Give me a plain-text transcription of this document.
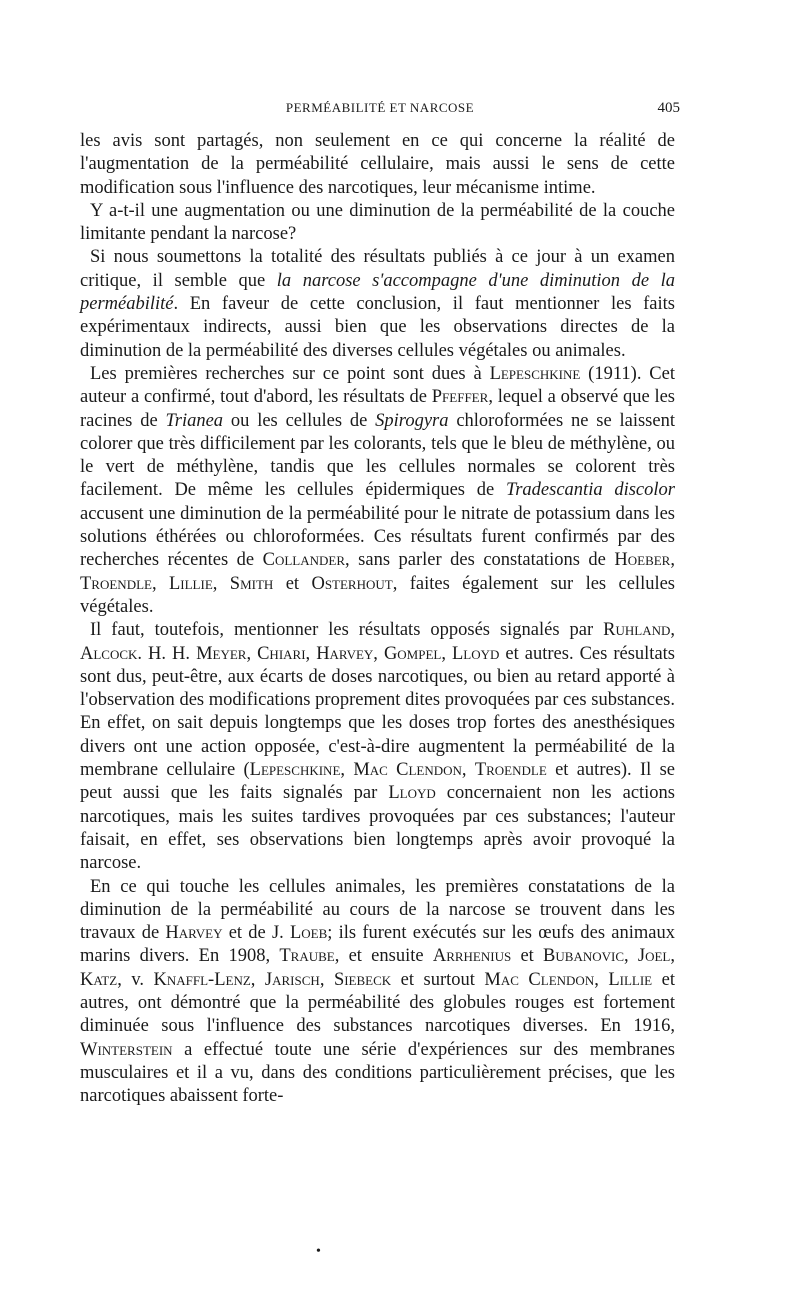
PERMÉABILITÉ ET NARCOSE	405

les avis sont partagés, non seulement en ce qui concerne la réalité de l'augmentation de la perméabilité cellulaire, mais aussi le sens de cette modification sous l'influence des narcotiques, leur mécanisme intime.

Y a-t-il une augmentation ou une diminution de la perméabilité de la couche limitante pendant la narcose?

Si nous soumettons la totalité des résultats publiés à ce jour à un examen critique, il semble que la narcose s'accompagne d'une diminution de la perméabilité. En faveur de cette conclusion, il faut mentionner les faits expérimentaux indirects, aussi bien que les observations directes de la diminution de la perméabilité des diverses cellules végétales ou animales.

Les premières recherches sur ce point sont dues à Lepeschkine (1911). Cet auteur a confirmé, tout d'abord, les résultats de Pfeffer, lequel a observé que les racines de Trianea ou les cellules de Spirogyra chloroformées ne se laissent colorer que très difficilement par les colorants, tels que le bleu de méthylène, ou le vert de méthylène, tandis que les cellules normales se colorent très facilement. De même les cellules épidermiques de Tradescantia discolor accusent une diminution de la perméabilité pour le nitrate de potassium dans les solutions éthérées ou chloroformées. Ces résultats furent confirmés par des recherches récentes de Collander, sans parler des constatations de Hoeber, Troendle, Lillie, Smith et Osterhout, faites également sur les cellules végétales.

Il faut, toutefois, mentionner les résultats opposés signalés par Ruhland, Alcock. H. H. Meyer, Chiari, Harvey, Gompel, Lloyd et autres. Ces résultats sont dus, peut-être, aux écarts de doses narcotiques, ou bien au retard apporté à l'observation des modifications proprement dites provoquées par ces substances. En effet, on sait depuis longtemps que les doses trop fortes des anesthésiques divers ont une action opposée, c'est-à-dire augmentent la perméabilité de la membrane cellulaire (Lepeschkine, Mac Clendon, Troendle et autres). Il se peut aussi que les faits signalés par Lloyd concernaient non les actions narcotiques, mais les suites tardives provoquées par ces substances; l'auteur faisait, en effet, ses observations bien longtemps après avoir provoqué la narcose.

En ce qui touche les cellules animales, les premières constatations de la diminution de la perméabilité au cours de la narcose se trouvent dans les travaux de Harvey et de J. Loeb; ils furent exécutés sur les œufs des animaux marins divers. En 1908, Traube, et ensuite Arrhenius et Bubanovic, Joel, Katz, v. Knaffl-Lenz, Jarisch, Siebeck et surtout Mac Clendon, Lillie et autres, ont démontré que la perméabilité des globules rouges est fortement diminuée sous l'influence des substances narcotiques diverses. En 1916, Winterstein a effectué toute une série d'expériences sur des membranes musculaires et il a vu, dans des conditions particulièrement précises, que les narcotiques abaissent forte-

•
